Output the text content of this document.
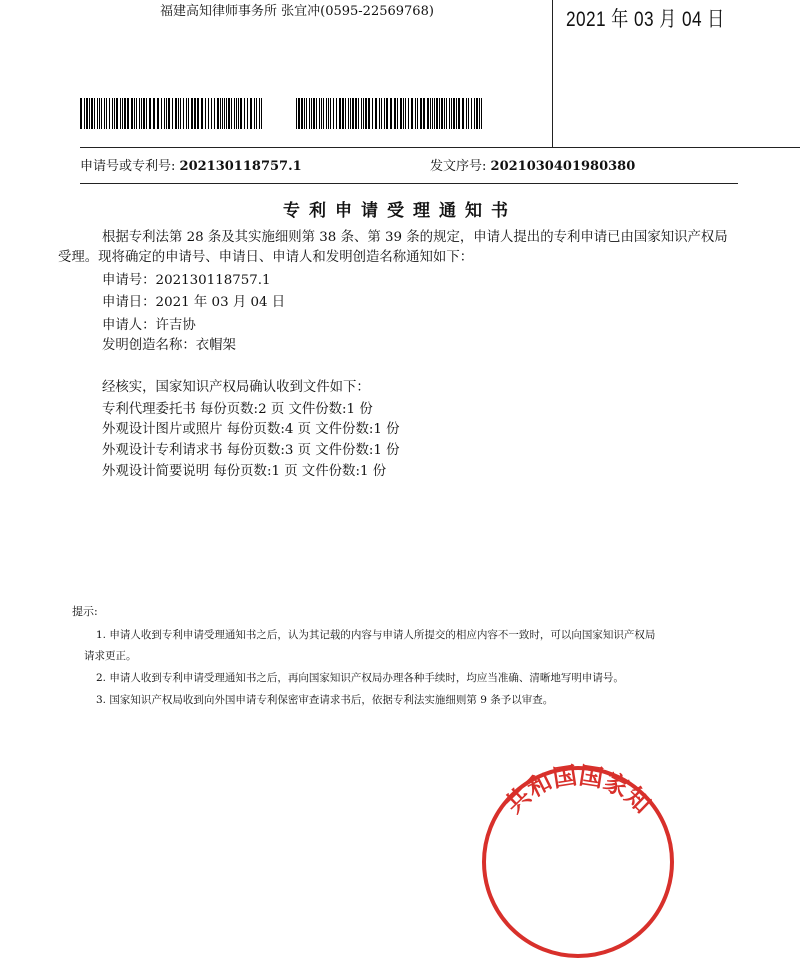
福建高知律师事务所 张宜冲(0595-22569768)	2021 年 03 月 04 日
申请号或专利号: 202130118757.1	发文序号: 2021030401980380
专利申请受理通知书
根据专利法第 28 条及其实施细则第 38 条、第 39 条的规定，申请人提出的专利申请已由国家知识产权局
受理。现将确定的申请号、申请日、申请人和发明创造名称通知如下：
申请号：202130118757.1
申请日：2021 年 03 月 04 日
申请人：许吉协
发明创造名称：衣帽架
经核实，国家知识产权局确认收到文件如下：
专利代理委托书 每份页数:2 页 文件份数:1 份
外观设计图片或照片 每份页数:4 页 文件份数:1 份
外观设计专利请求书 每份页数:3 页 文件份数:1 份
外观设计简要说明 每份页数:1 页 文件份数:1 份
提示:
1. 申请人收到专利申请受理通知书之后，认为其记载的内容与申请人所提交的相应内容不一致时，可以向国家知识产权局
请求更正。
2. 申请人收到专利申请受理通知书之后，再向国家知识产权局办理各种手续时，均应当准确、清晰地写明申请号。
3. 国家知识产权局收到向外国申请专利保密审查请求书后，依据专利法实施细则第 9 条予以审查。
共和国国家知
